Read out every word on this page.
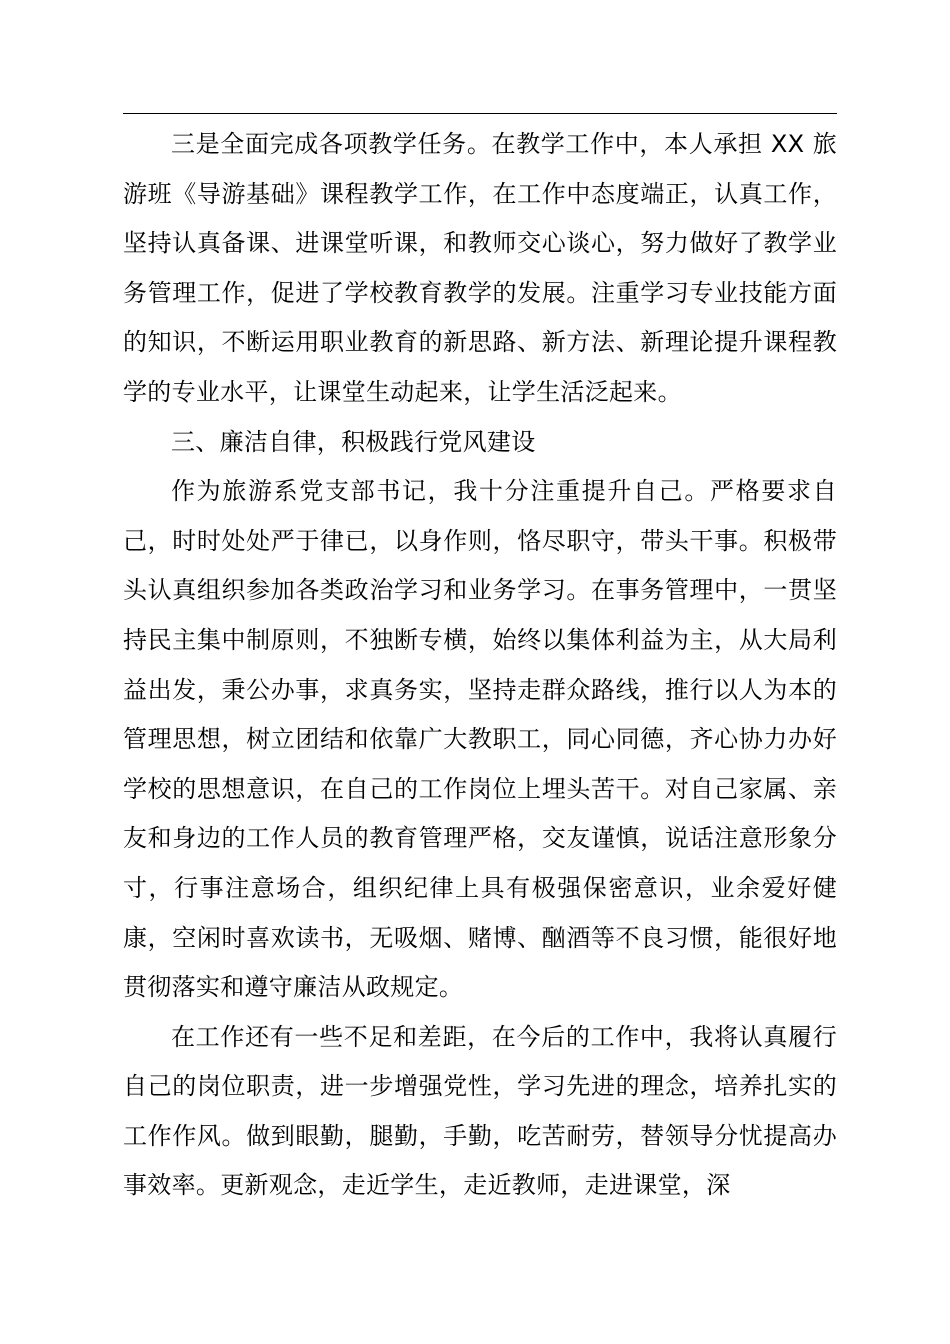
三是全面完成各项教学任务。在教学工作中，本人承担 XX 旅游班《导游基础》课程教学工作，在工作中态度端正，认真工作，坚持认真备课、进课堂听课，和教师交心谈心，努力做好了教学业务管理工作，促进了学校教育教学的发展。注重学习专业技能方面的知识，不断运用职业教育的新思路、新方法、新理论提升课程教学的专业水平，让课堂生动起来，让学生活泛起来。

三、廉洁自律，积极践行党风建设

作为旅游系党支部书记，我十分注重提升自己。严格要求自己，时时处处严于律已，以身作则，恪尽职守，带头干事。积极带头认真组织参加各类政治学习和业务学习。在事务管理中，一贯坚持民主集中制原则，不独断专横，始终以集体利益为主，从大局利益出发，秉公办事，求真务实，坚持走群众路线，推行以人为本的管理思想，树立团结和依靠广大教职工，同心同德，齐心协力办好学校的思想意识，在自己的工作岗位上埋头苦干。对自己家属、亲友和身边的工作人员的教育管理严格，交友谨慎，说话注意形象分寸，行事注意场合，组织纪律上具有极强保密意识，业余爱好健康，空闲时喜欢读书，无吸烟、赌博、酗酒等不良习惯，能很好地贯彻落实和遵守廉洁从政规定。

在工作还有一些不足和差距，在今后的工作中，我将认真履行自己的岗位职责，进一步增强党性，学习先进的理念，培养扎实的工作作风。做到眼勤，腿勤，手勤，吃苦耐劳，替领导分忧提高办事效率。更新观念，走近学生，走近教师，走进课堂，深
